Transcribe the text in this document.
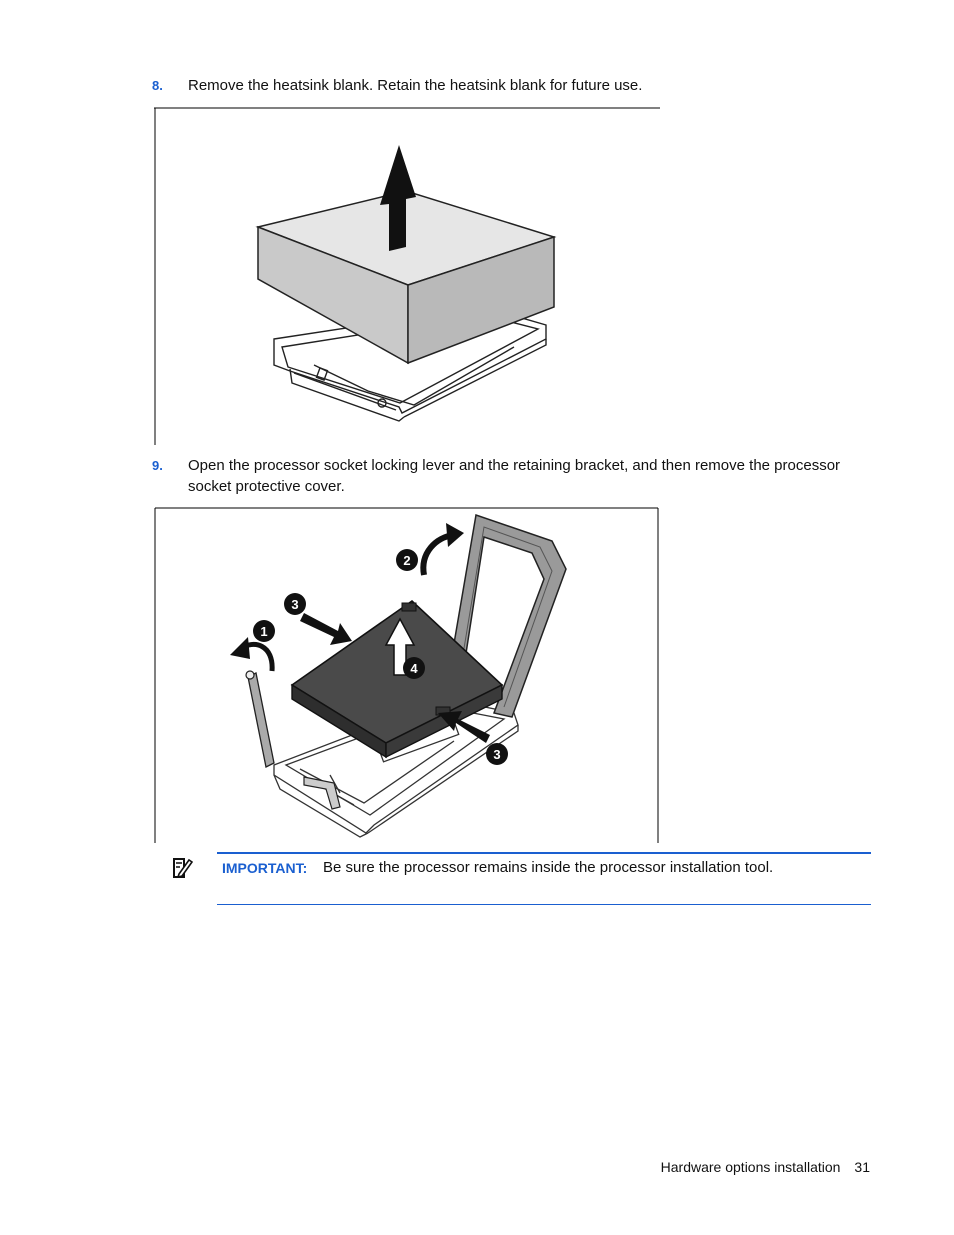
8. Remove the heatsink blank. Retain the heatsink blank for future use.
9. Open the processor socket locking lever and the retaining bracket, and then remove the processor socket protective cover.
1
2
3
4
3
IMPORTANT: Be sure the processor remains inside the processor installation tool.
Hardware options installation 31
